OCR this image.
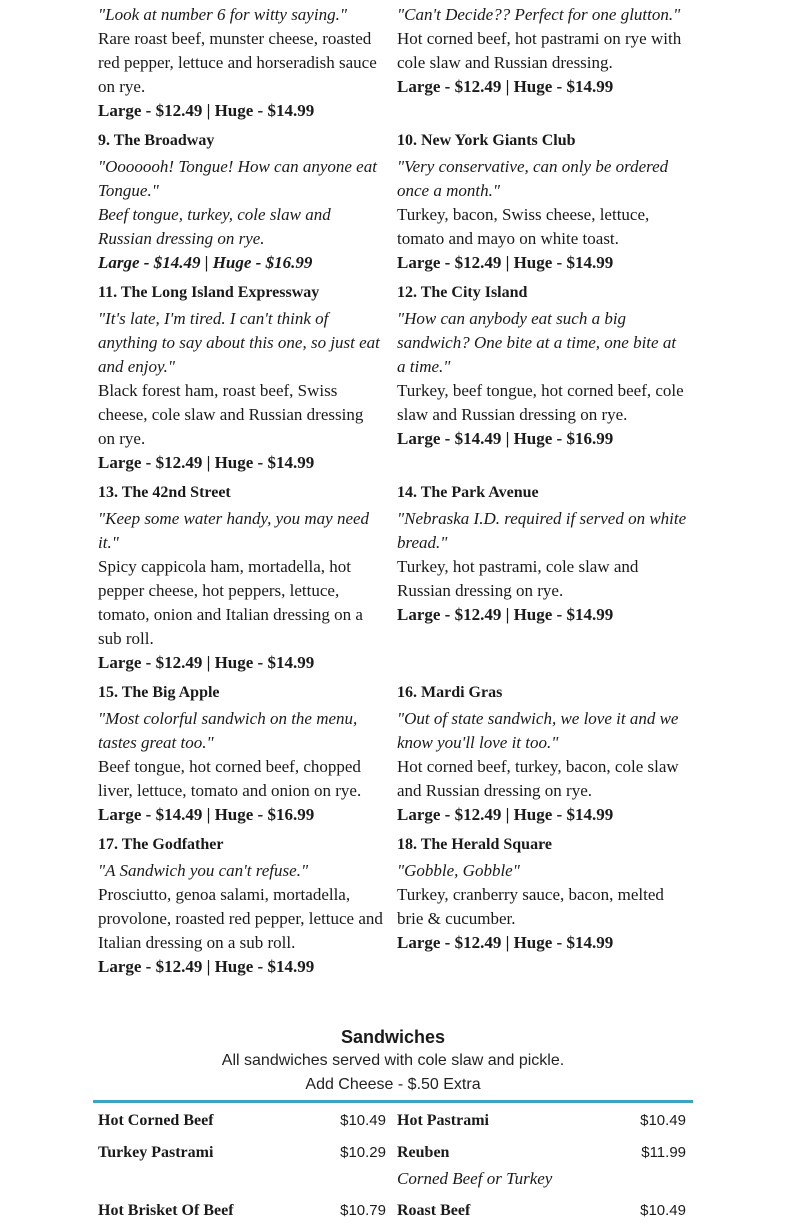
"Look at number 6 for witty saying."
Rare roast beef, munster cheese, roasted red pepper, lettuce and horseradish sauce on rye.
Large - $12.49 | Huge - $14.99
"Can't Decide?? Perfect for one glutton."
Hot corned beef, hot pastrami on rye with cole slaw and Russian dressing.
Large - $12.49 | Huge - $14.99
9. The Broadway
"Ooooooh! Tongue! How can anyone eat Tongue."
Beef tongue, turkey, cole slaw and Russian dressing on rye.
Large - $14.49 | Huge - $16.99
10. New York Giants Club
"Very conservative, can only be ordered once a month."
Turkey, bacon, Swiss cheese, lettuce, tomato and mayo on white toast.
Large - $12.49 | Huge - $14.99
11. The Long Island Expressway
"It's late, I'm tired. I can't think of anything to say about this one, so just eat and enjoy."
Black forest ham, roast beef, Swiss cheese, cole slaw and Russian dressing on rye.
Large - $12.49 | Huge - $14.99
12. The City Island
"How can anybody eat such a big sandwich? One bite at a time, one bite at a time."
Turkey, beef tongue, hot corned beef, cole slaw and Russian dressing on rye.
Large - $14.49 | Huge - $16.99
13. The 42nd Street
"Keep some water handy, you may need it."
Spicy cappicola ham, mortadella, hot pepper cheese, hot peppers, lettuce, tomato, onion and Italian dressing on a sub roll.
Large - $12.49 | Huge - $14.99
14. The Park Avenue
"Nebraska I.D. required if served on white bread."
Turkey, hot pastrami, cole slaw and Russian dressing on rye.
Large - $12.49 | Huge - $14.99
15. The Big Apple
"Most colorful sandwich on the menu, tastes great too."
Beef tongue, hot corned beef, chopped liver, lettuce, tomato and onion on rye.
Large - $14.49 | Huge - $16.99
16. Mardi Gras
"Out of state sandwich, we love it and we know you'll love it too."
Hot corned beef, turkey, bacon, cole slaw and Russian dressing on rye.
Large - $12.49 | Huge - $14.99
17. The Godfather
"A Sandwich you can't refuse."
Prosciutto, genoa salami, mortadella, provolone, roasted red pepper, lettuce and Italian dressing on a sub roll.
Large - $12.49 | Huge - $14.99
18. The Herald Square
"Gobble, Gobble"
Turkey, cranberry sauce, bacon, melted brie & cucumber.
Large - $12.49 | Huge - $14.99
Sandwiches
All sandwiches served with cole slaw and pickle.
Add Cheese - $.50 Extra
Hot Corned Beef	$10.49 Hot Pastrami	$10.49
Turkey Pastrami	$10.29 Reuben	$11.99
Corned Beef or Turkey
Hot Brisket Of Beef	$10.79 Roast Beef	$10.49
